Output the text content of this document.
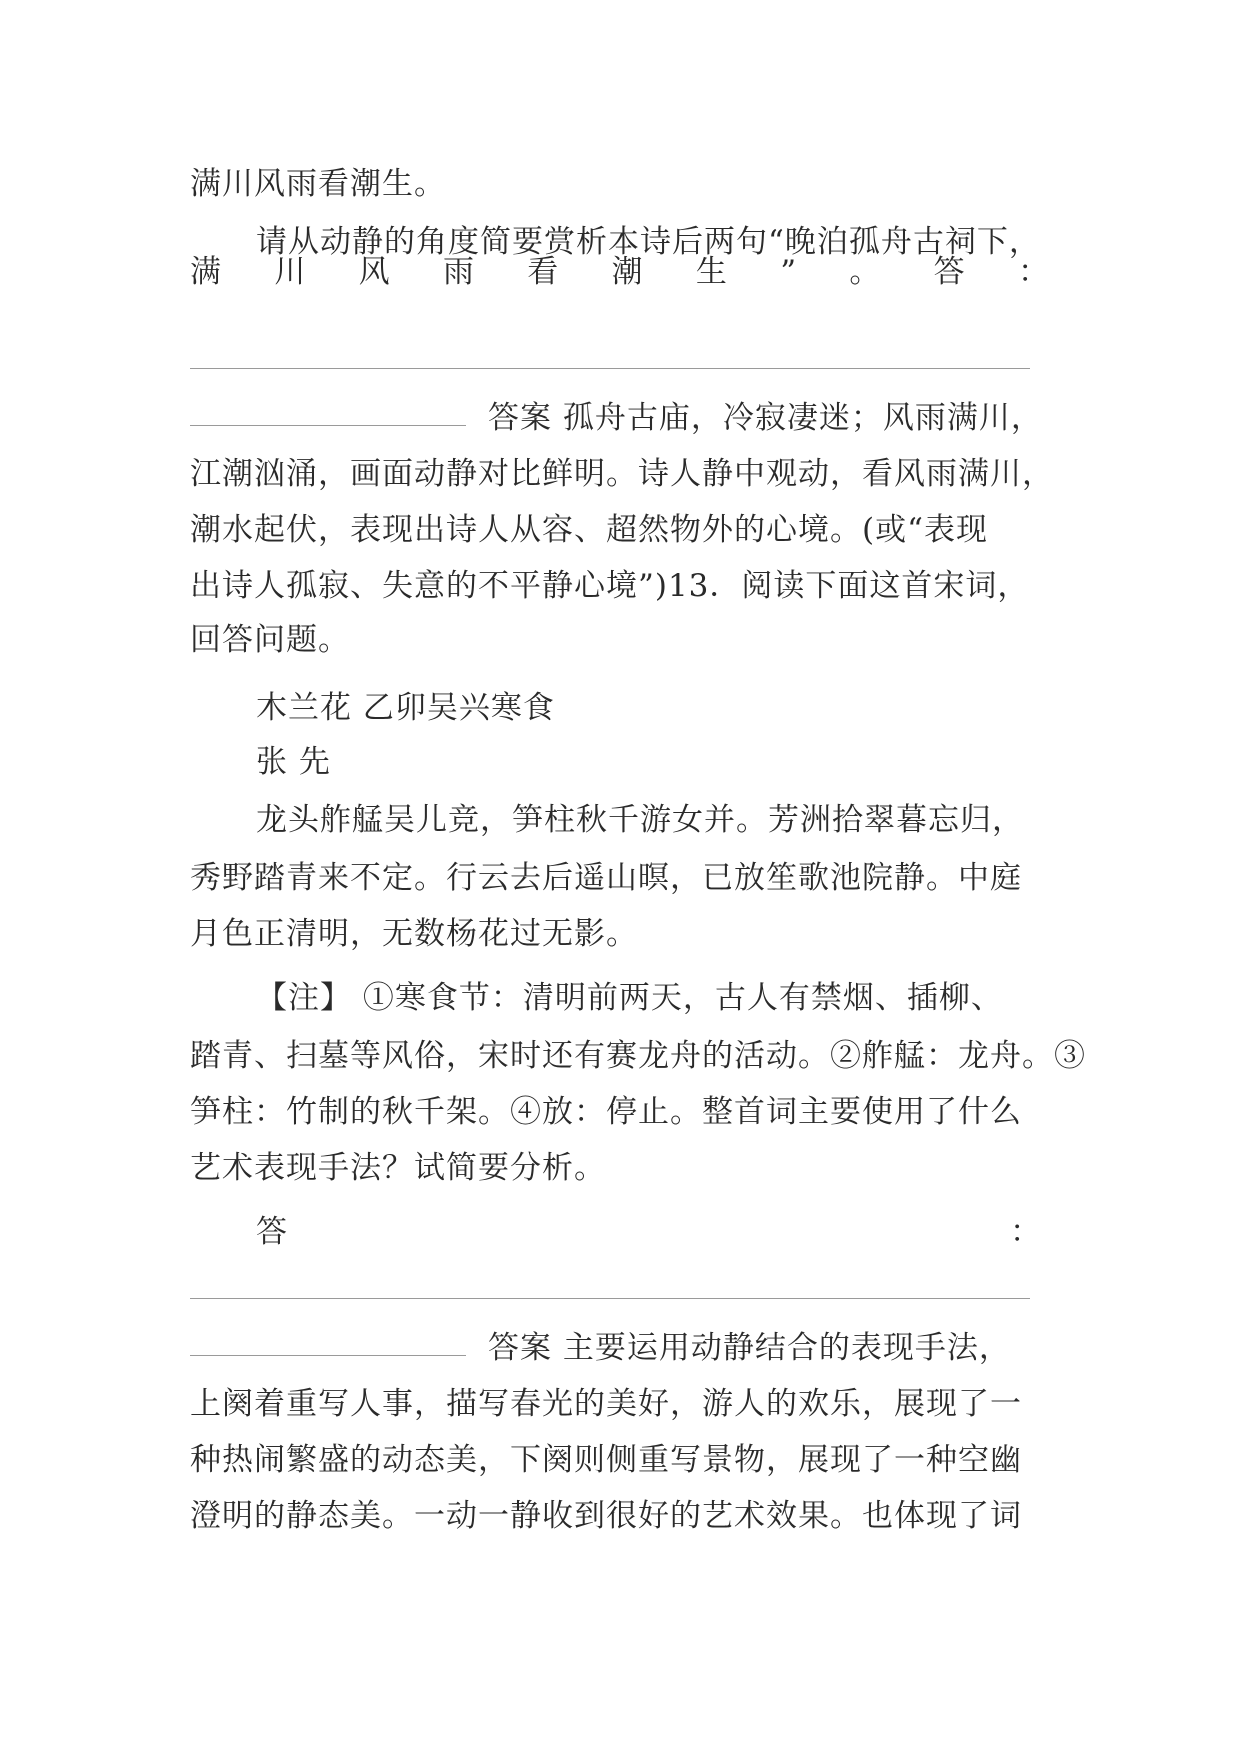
满川风雨看潮生。
请从动静的角度简要赏析本诗后两句“晚泊孤舟古祠下，
满 川 风 雨 看 潮 生 ” 。 答 ：
答案 孤舟古庙，冷寂凄迷；风雨满川，
江潮汹涌，画面动静对比鲜明。诗人静中观动，看风雨满川，
潮水起伏，表现出诗人从容、超然物外的心境。(或“表现
出诗人孤寂、失意的不平静心境”)13．阅读下面这首宋词，
回答问题。
木兰花 乙卯吴兴寒食
张 先
龙头舴艋吴儿竞，笋柱秋千游女并。芳洲拾翠暮忘归，
秀野踏青来不定。行云去后遥山暝，已放笙歌池院静。中庭
月色正清明，无数杨花过无影。
【注】 ①寒食节：清明前两天，古人有禁烟、插柳、
踏青、扫墓等风俗，宋时还有赛龙舟的活动。②舴艋：龙舟。③
笋柱：竹制的秋千架。④放：停止。整首词主要使用了什么
艺术表现手法？试简要分析。
答	：
答案 主要运用动静结合的表现手法，
上阕着重写人事，描写春光的美好，游人的欢乐，展现了一
种热闹繁盛的动态美，下阕则侧重写景物，展现了一种空幽
澄明的静态美。一动一静收到很好的艺术效果。也体现了词
